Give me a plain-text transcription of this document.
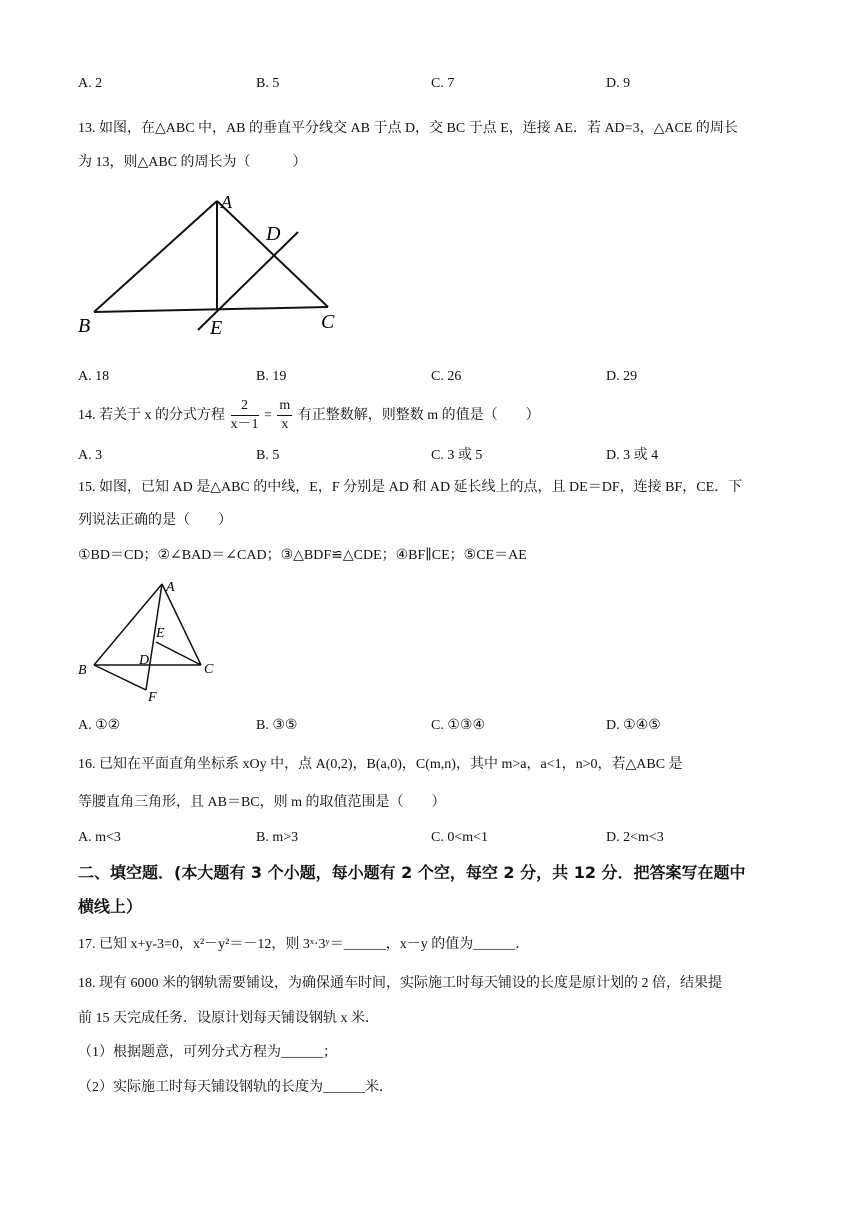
A. 2	B. 5	C. 7	D. 9
13. 如图，在△ABC 中，AB 的垂直平分线交 AB 于点 D，交 BC 于点 E，连接 AE．若 AD=3，△ACE 的周长
为 13，则△ABC 的周长为（　　　）
A
D
B	E	C
A. 18	B. 19	C. 26	D. 29
14. 若关于 x 的分式方程 $\frac{2}{x-1} = \frac{m}{x}$ 有正整数解，则整数 m 的值是（　　）
A. 3	B. 5	C. 3 或 5	D. 3 或 4
15. 如图，已知 AD 是△ABC 的中线，E，F 分别是 AD 和 AD 延长线上的点，且 DE＝DF，连接 BF，CE．下
列说法正确的是（　　）
①BD＝CD；②∠BAD＝∠CAD；③△BDF≌△CDE；④BF∥CE；⑤CE＝AE
A
E
D
B	C
F
A. ①②	B. ③⑤	C. ①③④	D. ①④⑤
16. 已知在平面直角坐标系 xOy 中，点 A(0,2)，B(a,0)，C(m,n)，其中 m>a，a<1，n>0，若△ABC 是
等腰直角三角形，且 AB＝BC，则 m 的取值范围是（　　）
A. m<3	B. m>3	C. 0<m<1	D. 2<m<3
二、填空题．(本大题有 3 个小题，每小题有 2 个空，每空 2 分，共 12 分．把答案写在题中
横线上）
17. 已知 x+y-3=0，x²－y²＝－12，则 3ˣ·3ʸ＝______，x－y 的值为______．
18. 现有 6000 米的钢轨需要铺设，为确保通车时间，实际施工时每天铺设的长度是原计划的 2 倍，结果提
前 15 天完成任务．设原计划每天铺设钢轨 x 米．
（1）根据题意，可列分式方程为______；
（2）实际施工时每天铺设钢轨的长度为______米．
